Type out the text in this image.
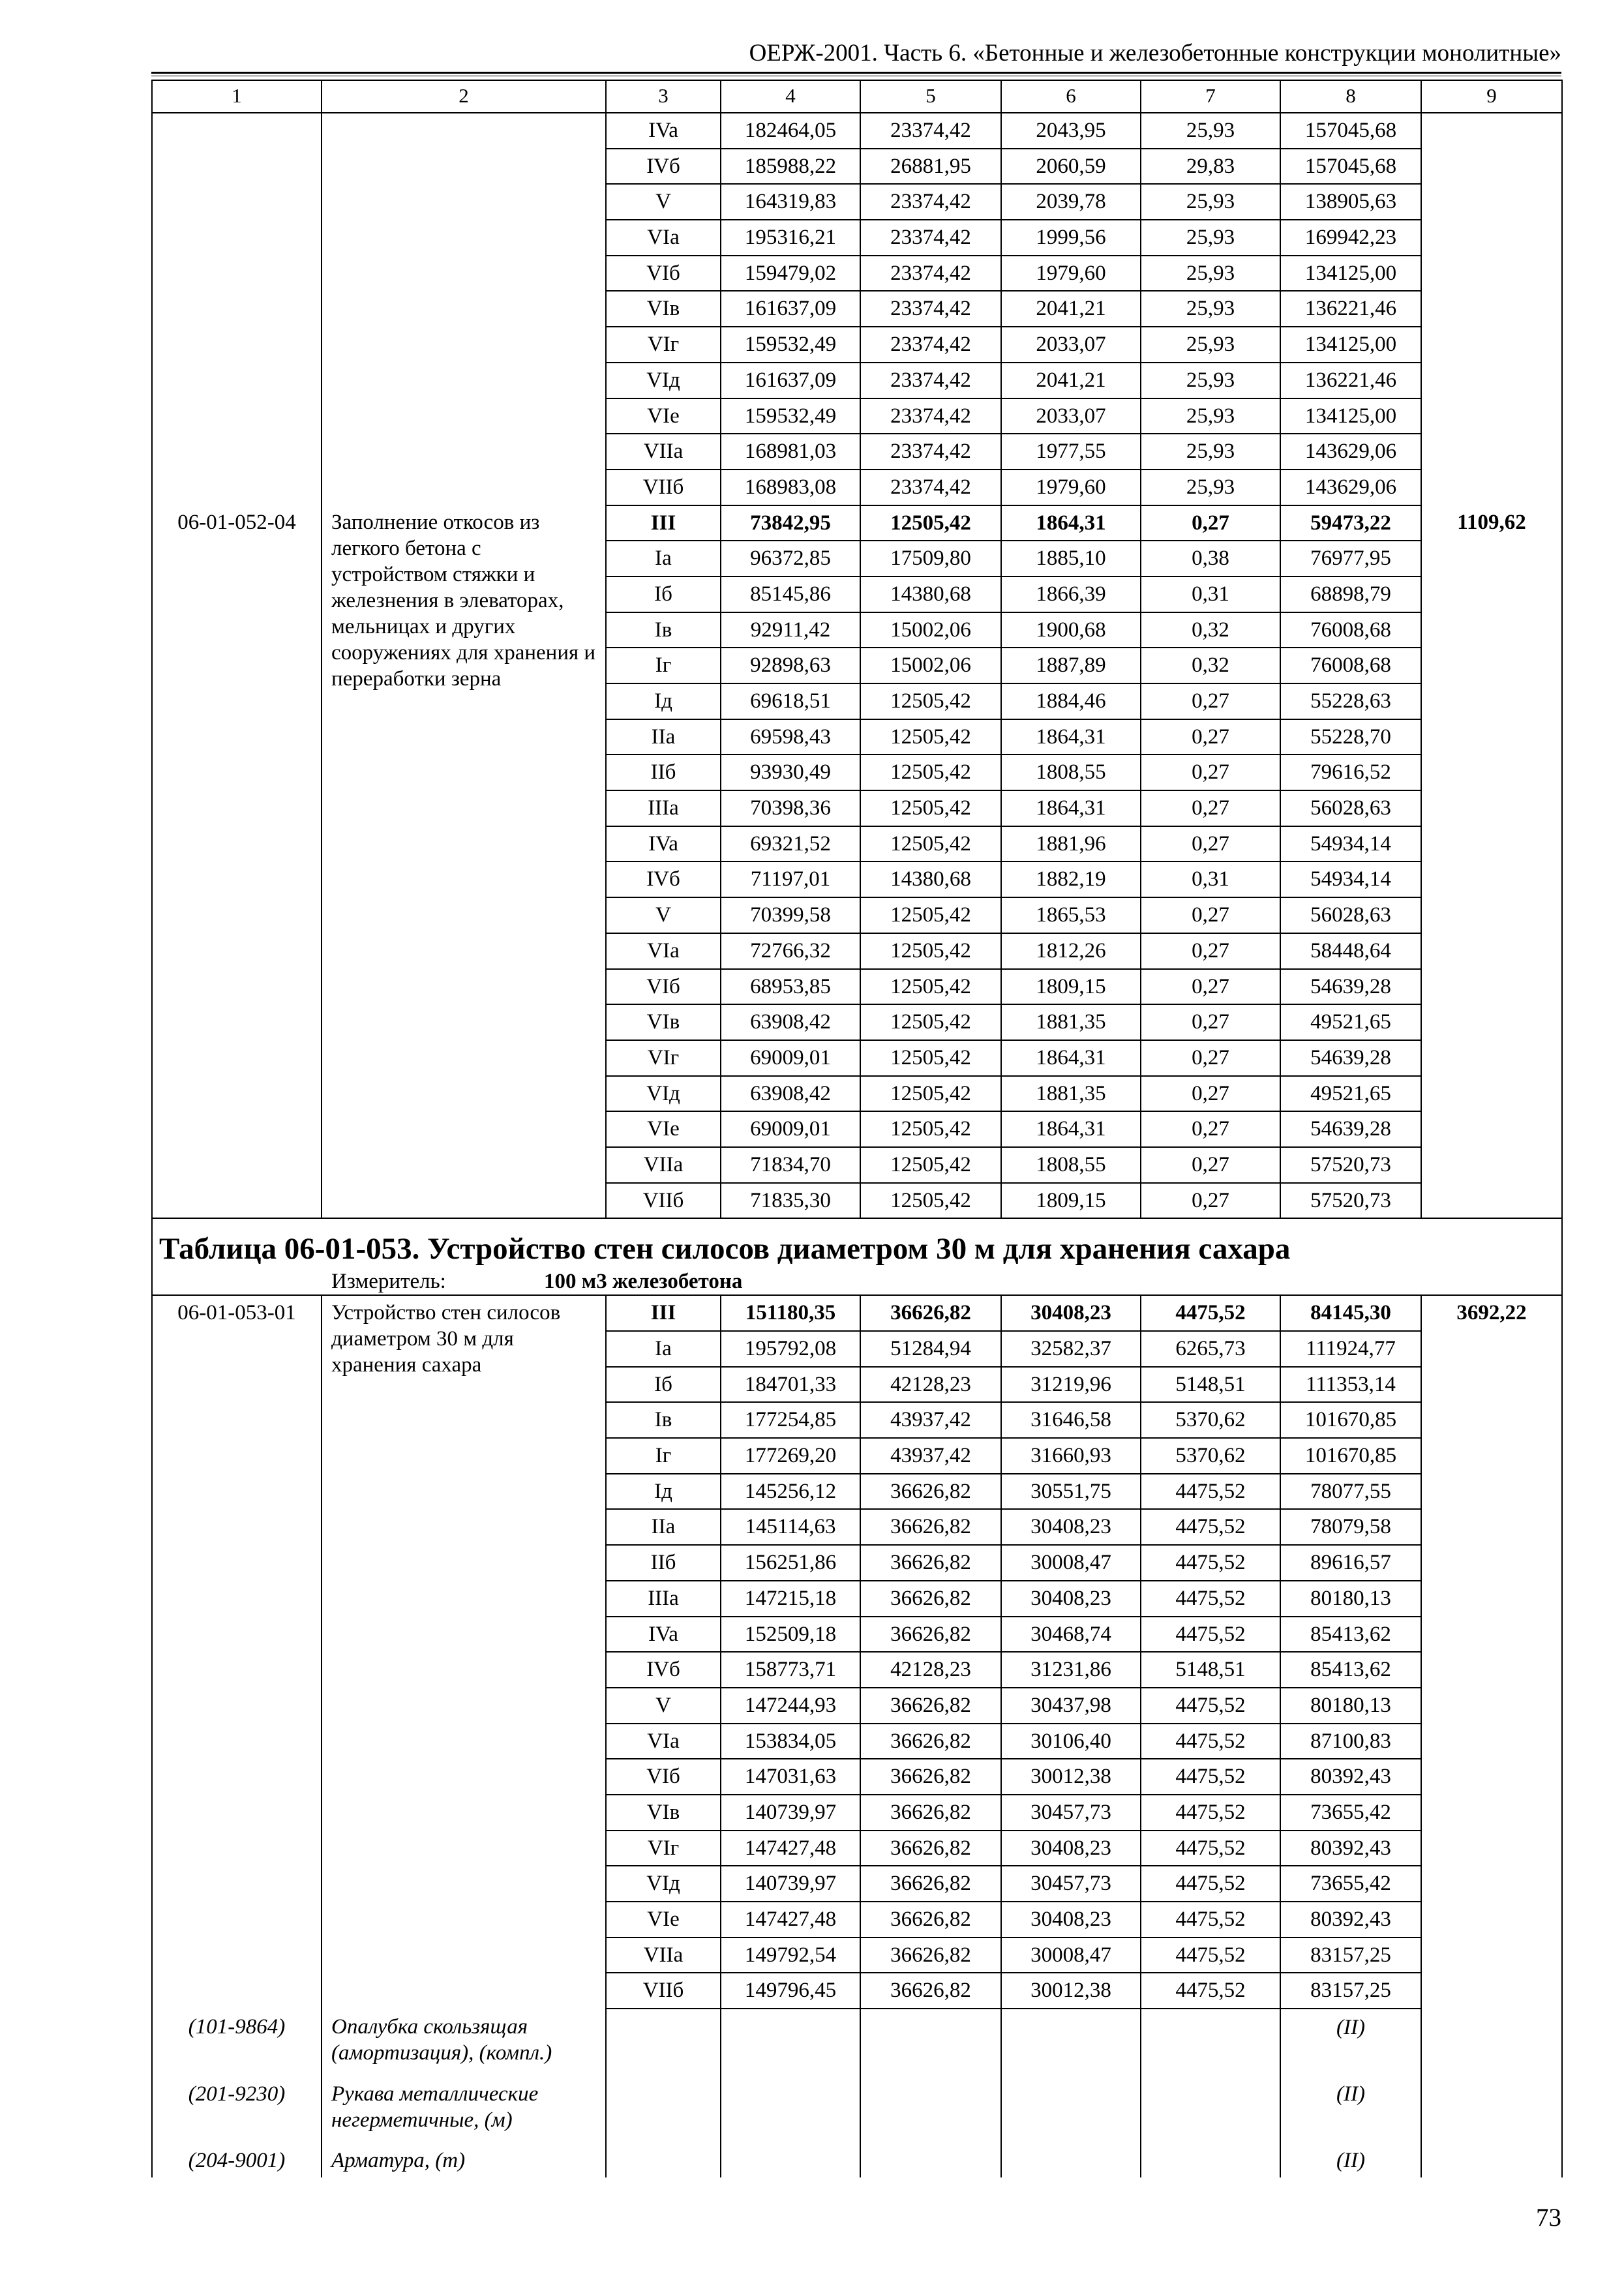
ОЕРЖ-2001. Часть 6. «Бетонные и железобетонные конструкции монолитные»
1	2	3	4	5	6	7	8	9
		IVa	182464,05	23374,42	2043,95	25,93	157045,68	
		IVб	185988,22	26881,95	2060,59	29,83	157045,68	
		V	164319,83	23374,42	2039,78	25,93	138905,63	
		VIa	195316,21	23374,42	1999,56	25,93	169942,23	
		VIб	159479,02	23374,42	1979,60	25,93	134125,00	
		VIв	161637,09	23374,42	2041,21	25,93	136221,46	
		VIг	159532,49	23374,42	2033,07	25,93	134125,00	
		VIд	161637,09	23374,42	2041,21	25,93	136221,46	
		VIe	159532,49	23374,42	2033,07	25,93	134125,00	
		VIIa	168981,03	23374,42	1977,55	25,93	143629,06	
		VIIб	168983,08	23374,42	1979,60	25,93	143629,06	
06-01-052-04	Заполнение откосов из легкого бетона с устройством стяжки и железнения в элеваторах, мельницах и других сооружениях для хранения и переработки зерна	III	73842,95	12505,42	1864,31	0,27	59473,22	1109,62
		Ia	96372,85	17509,80	1885,10	0,38	76977,95	
		Iб	85145,86	14380,68	1866,39	0,31	68898,79	
		Iв	92911,42	15002,06	1900,68	0,32	76008,68	
		Iг	92898,63	15002,06	1887,89	0,32	76008,68	
		Iд	69618,51	12505,42	1884,46	0,27	55228,63	
		IIa	69598,43	12505,42	1864,31	0,27	55228,70	
		IIб	93930,49	12505,42	1808,55	0,27	79616,52	
		IIIa	70398,36	12505,42	1864,31	0,27	56028,63	
		IVa	69321,52	12505,42	1881,96	0,27	54934,14	
		IVб	71197,01	14380,68	1882,19	0,31	54934,14	
		V	70399,58	12505,42	1865,53	0,27	56028,63	
		VIa	72766,32	12505,42	1812,26	0,27	58448,64	
		VIб	68953,85	12505,42	1809,15	0,27	54639,28	
		VIв	63908,42	12505,42	1881,35	0,27	49521,65	
		VIг	69009,01	12505,42	1864,31	0,27	54639,28	
		VIд	63908,42	12505,42	1881,35	0,27	49521,65	
		VIe	69009,01	12505,42	1864,31	0,27	54639,28	
		VIIa	71834,70	12505,42	1808,55	0,27	57520,73	
		VIIб	71835,30	12505,42	1809,15	0,27	57520,73	
Таблица 06-01-053. Устройство стен силосов диаметром 30 м для хранения сахара								
Измеритель: 100 м3 железобетона								
06-01-053-01	Устройство стен силосов диаметром 30 м для хранения сахара	III	151180,35	36626,82	30408,23	4475,52	84145,30	3692,22
		Ia	195792,08	51284,94	32582,37	6265,73	111924,77	
		Iб	184701,33	42128,23	31219,96	5148,51	111353,14	
		Iв	177254,85	43937,42	31646,58	5370,62	101670,85	
		Iг	177269,20	43937,42	31660,93	5370,62	101670,85	
		Iд	145256,12	36626,82	30551,75	4475,52	78077,55	
		IIa	145114,63	36626,82	30408,23	4475,52	78079,58	
		IIб	156251,86	36626,82	30008,47	4475,52	89616,57	
		IIIa	147215,18	36626,82	30408,23	4475,52	80180,13	
		IVa	152509,18	36626,82	30468,74	4475,52	85413,62	
		IVб	158773,71	42128,23	31231,86	5148,51	85413,62	
		V	147244,93	36626,82	30437,98	4475,52	80180,13	
		VIa	153834,05	36626,82	30106,40	4475,52	87100,83	
		VIб	147031,63	36626,82	30012,38	4475,52	80392,43	
		VIв	140739,97	36626,82	30457,73	4475,52	73655,42	
		VIг	147427,48	36626,82	30408,23	4475,52	80392,43	
		VIд	140739,97	36626,82	30457,73	4475,52	73655,42	
		VIe	147427,48	36626,82	30408,23	4475,52	80392,43	
		VIIa	149792,54	36626,82	30008,47	4475,52	83157,25	
		VIIб	149796,45	36626,82	30012,38	4475,52	83157,25	
(101-9864)	Опалубка скользящая (амортизация), (компл.)						(II)	
(201-9230)	Рукава металлические негерметичные, (м)						(II)	
(204-9001)	Арматура, (т)						(II)	
73
